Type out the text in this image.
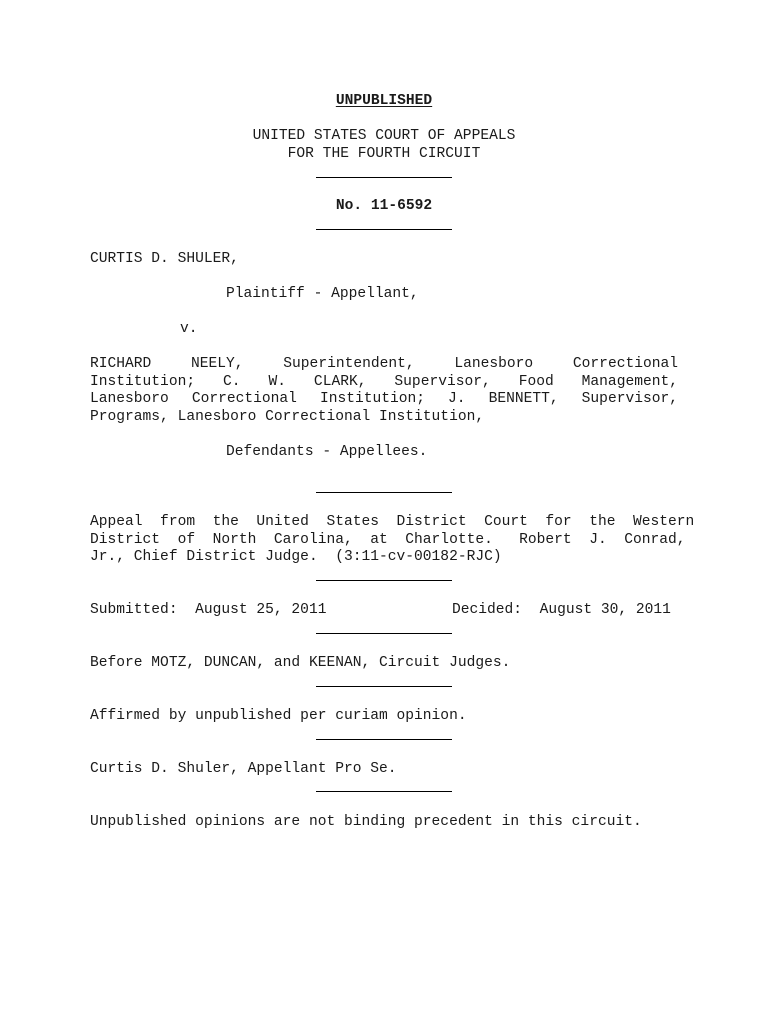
UNPUBLISHED
UNITED STATES COURT OF APPEALS
FOR THE FOURTH CIRCUIT
No. 11-6592
CURTIS D. SHULER,
Plaintiff - Appellant,
v.
RICHARD   NEELY,   Superintendent,   Lanesboro   Correctional
Institution;  C.  W.  CLARK,  Supervisor,  Food  Management,
Lanesboro Correctional Institution; J. BENNETT, Supervisor,
Programs, Lanesboro Correctional Institution,
Defendants - Appellees.
Appeal  from  the  United  States  District  Court  for  the  Western
District  of  North  Carolina,  at  Charlotte.   Robert  J.  Conrad,
Jr., Chief District Judge.  (3:11-cv-00182-RJC)
Submitted:  August 25, 2011	Decided:  August 30, 2011
Before MOTZ, DUNCAN, and KEENAN, Circuit Judges.
Affirmed by unpublished per curiam opinion.
Curtis D. Shuler, Appellant Pro Se.
Unpublished opinions are not binding precedent in this circuit.
